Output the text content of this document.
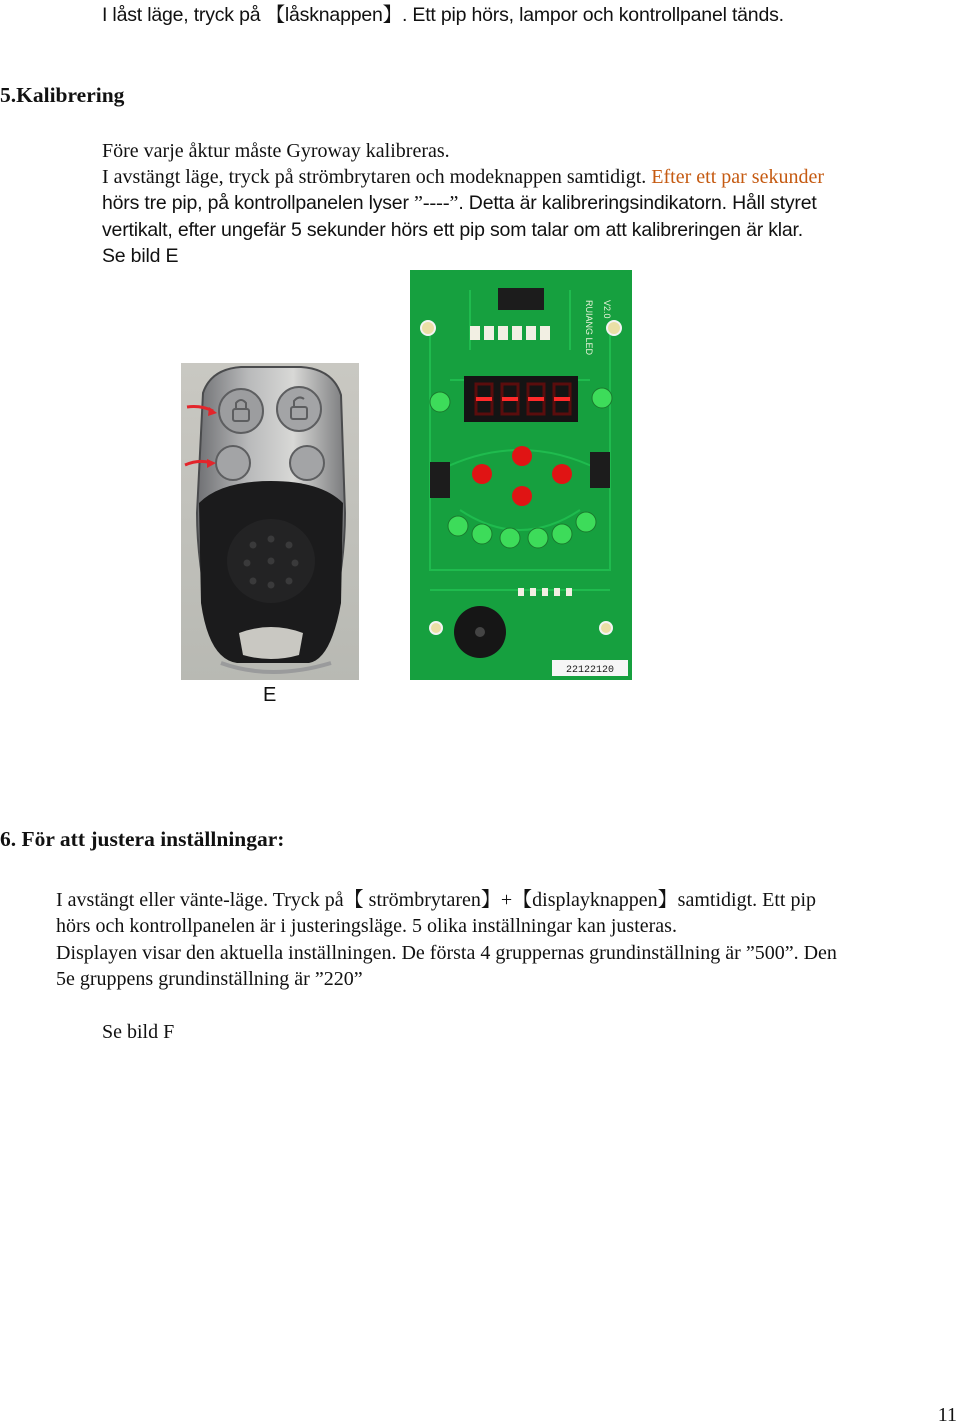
I låst läge, tryck på 【låsknappen】. Ett pip hörs, lampor och kontrollpanel tänds.
5.Kalibrering
Före varje åktur måste Gyroway kalibreras.
I avstängt läge, tryck på strömbrytaren och modeknappen samtidigt. Efter ett par sekunder
hörs tre pip, på kontrollpanelen lyser ”----”. Detta är kalibreringsindikatorn. Håll styret
vertikalt, efter ungefär 5 sekunder hörs ett pip som talar om att kalibreringen är klar.
Se bild E
22122120
RUIANG LED V2.0
E
6. För att justera inställningar:
I avstängt eller vänte-läge. Tryck på【 strömbrytaren】+【displayknappen】samtidigt. Ett pip
hörs och kontrollpanelen är i justeringsläge. 5 olika inställningar kan justeras.
Displayen visar den aktuella inställningen. De första 4 gruppernas grundinställning är ”500”. Den
5e gruppens grundinställning är ”220”
Se bild F
11
